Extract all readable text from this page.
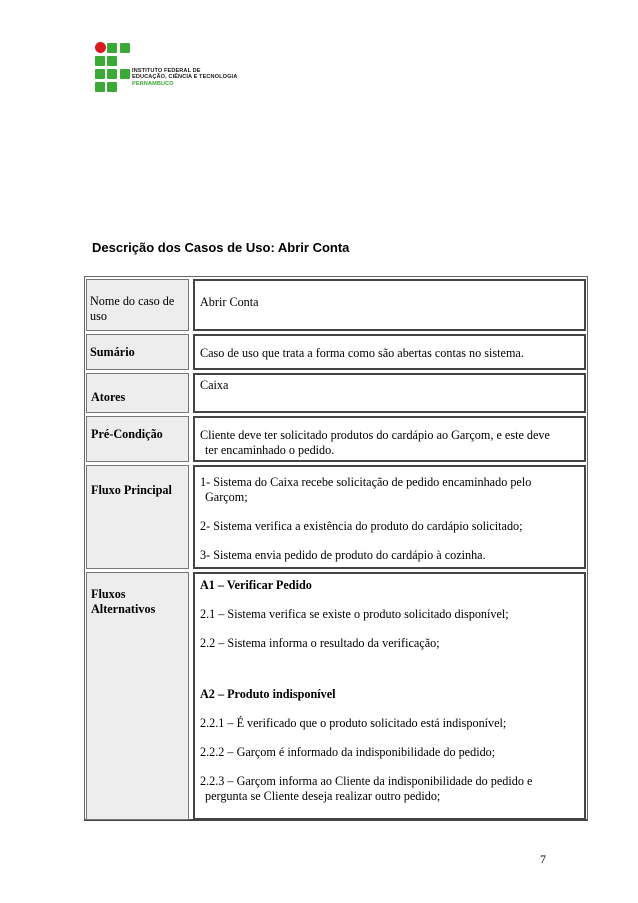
INSTITUTO FEDERAL DE
EDUCAÇÃO, CIÊNCIA E TECNOLOGIA
PERNAMBUCO
Descrição dos Casos de Uso: Abrir Conta
Nome do caso de uso
Abrir Conta
Sumário	Caso de uso que trata a forma como são abertas contas no sistema.
Atores
Caixa
Pré-Condição	Cliente deve ter solicitado produtos do cardápio ao Garçom, e este deve

ter encaminhado o pedido.

Fluxo Principal

1- Sistema do Caixa recebe solicitação de pedido encaminhado pelo

Garçom;

2- Sistema verifica a existência do produto do cardápio solicitado;

3- Sistema envia pedido de produto do cardápio à cozinha.

Fluxos
Alternativos

A1 – Verificar Pedido

2.1 – Sistema verifica se existe o produto solicitado disponível;

2.2 – Sistema informa o resultado da verificação;

A2 – Produto indisponível

2.2.1 – É verificado que o produto solicitado está indisponível;

2.2.2 – Garçom é informado da indisponibilidade do pedido;

2.2.3 – Garçom informa ao Cliente da indisponibilidade do pedido e

pergunta se Cliente deseja realizar outro pedido;

7
